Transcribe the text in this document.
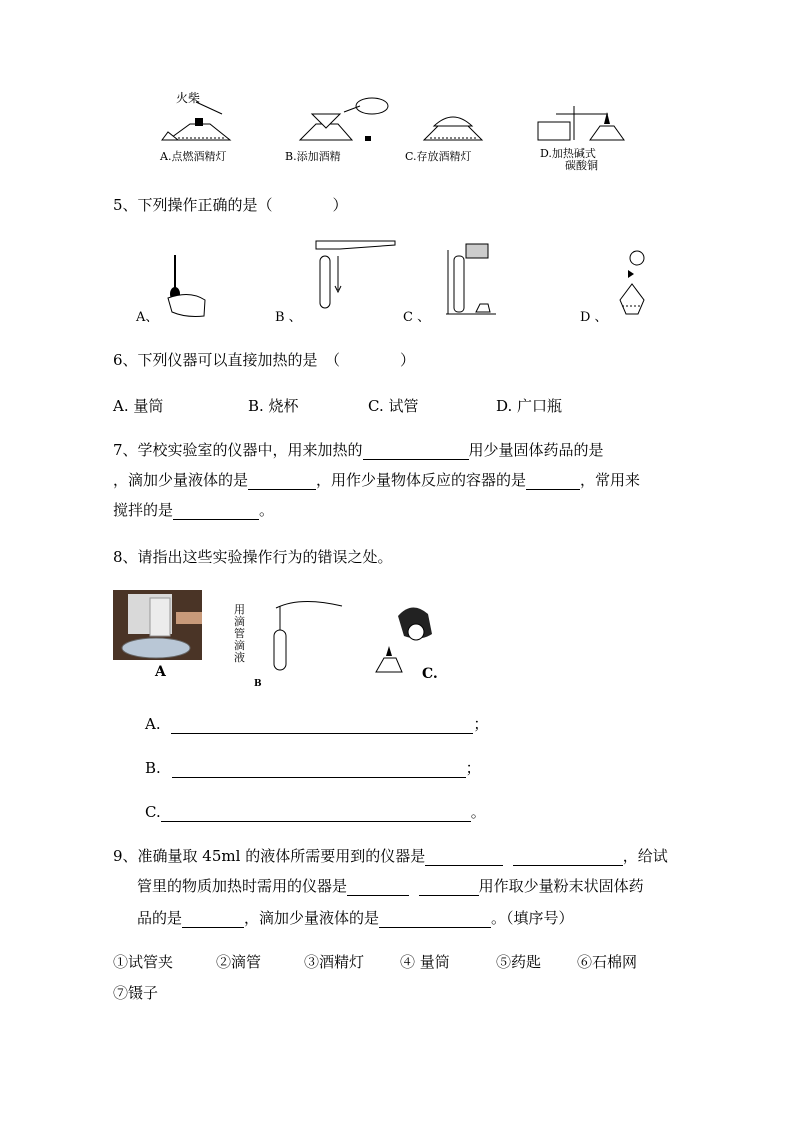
火柴
A.点燃酒精灯	B.添加酒精	C.存放酒精灯	D.加热碱式
碳酸铜
5、下列操作正确的是（　　　　）
A、	B 、	C 、	D 、
6、下列仪器可以直接加热的是　（　　　　）
A. 量筒	B. 烧杯	C. 试管	D. 广口瓶
7、学校实验室的仪器中，用来加热的	用少量固体药品的是
，滴加少量液体的是	，用作少量物体反应的容器的是	，常用来
搅拌的是	。
8、请指出这些实验操作行为的错误之处。
A
B
C.
用
滴
管
滴
液
A.	；
B.	；
C.	。
9、准确量取 45ml 的液体所需要用到的仪器是	，给试
管里的物质加热时需用的仪器是	用作取少量粉末状固体药
品的是	，滴加少量液体的是	。（填序号）
①试管夹	②滴管	③酒精灯 ④ 量筒	⑤药匙 ⑥石棉网
⑦镊子
